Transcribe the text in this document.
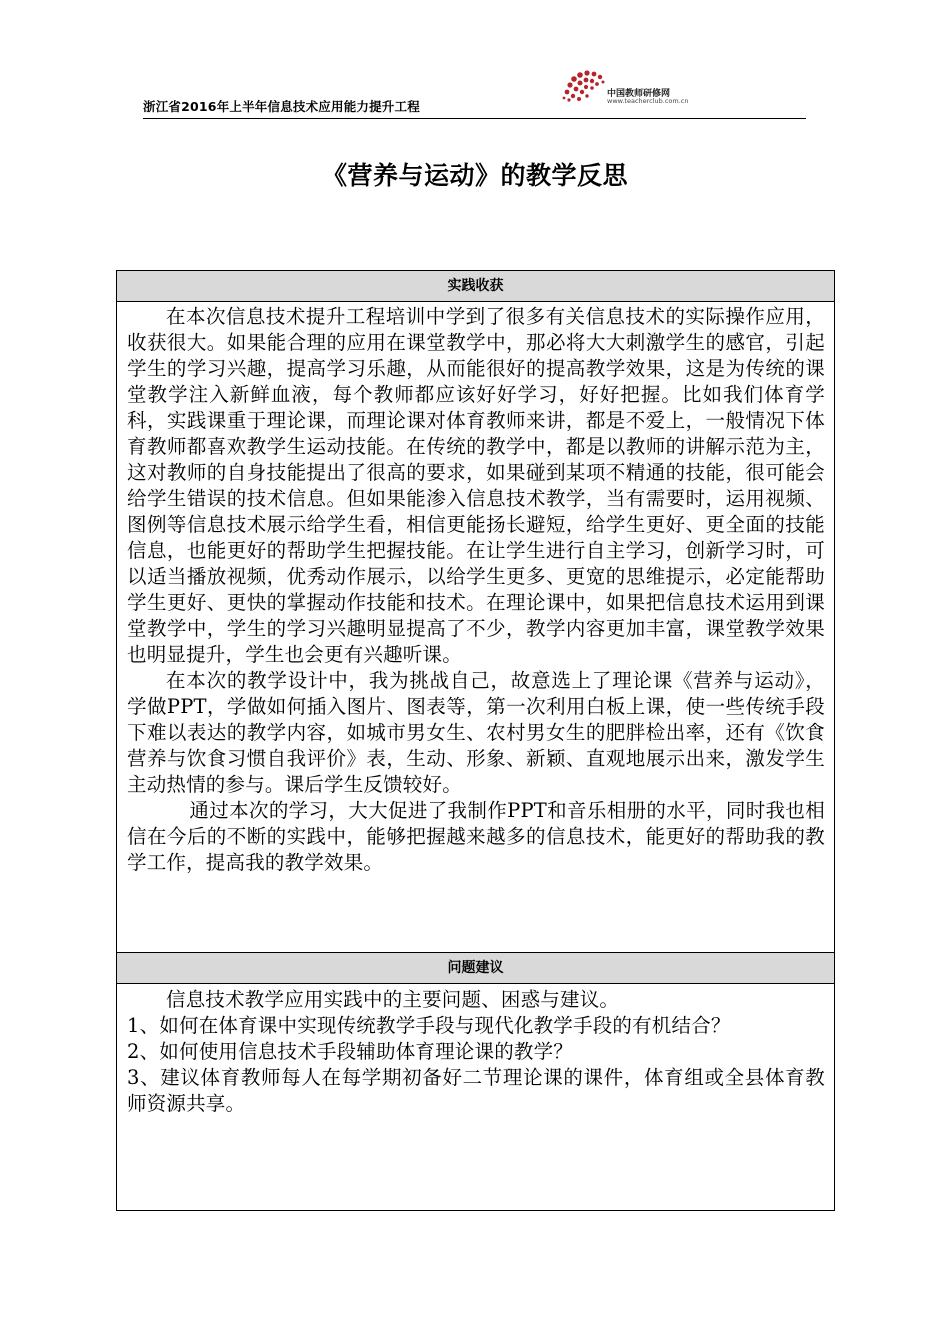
浙江省2016年上半年信息技术应用能力提升工程
中国教师研修网
www.teacherclub.com.cn
《营养与运动》的教学反思
实践收获

在本次信息技术提升工程培训中学到了很多有关信息技术的实际操作应用，收获很大。如果能合理的应用在课堂教学中，那必将大大刺激学生的感官，引起学生的学习兴趣，提高学习乐趣，从而能很好的提高教学效果，这是为传统的课堂教学注入新鲜血液，每个教师都应该好好学习，好好把握。比如我们体育学科，实践课重于理论课，而理论课对体育教师来讲，都是不爱上，一般情况下体育教师都喜欢教学生运动技能。在传统的教学中，都是以教师的讲解示范为主，这对教师的自身技能提出了很高的要求，如果碰到某项不精通的技能，很可能会给学生错误的技术信息。但如果能渗入信息技术教学，当有需要时，运用视频、图例等信息技术展示给学生看，相信更能扬长避短，给学生更好、更全面的技能信息，也能更好的帮助学生把握技能。在让学生进行自主学习，创新学习时，可以适当播放视频，优秀动作展示，以给学生更多、更宽的思维提示，必定能帮助学生更好、更快的掌握动作技能和技术。在理论课中，如果把信息技术运用到课堂教学中，学生的学习兴趣明显提高了不少，教学内容更加丰富，课堂教学效果也明显提升，学生也会更有兴趣听课。

在本次的教学设计中，我为挑战自己，故意选上了理论课《营养与运动》，学做PPT，学做如何插入图片、图表等，第一次利用白板上课，使一些传统手段下难以表达的教学内容，如城市男女生、农村男女生的肥胖检出率，还有《饮食营养与饮食习惯自我评价》表，生动、形象、新颖、直观地展示出来，激发学生主动热情的参与。课后学生反馈较好。

通过本次的学习，大大促进了我制作PPT和音乐相册的水平，同时我也相信在今后的不断的实践中，能够把握越来越多的信息技术，能更好的帮助我的教学工作，提高我的教学效果。

问题建议

信息技术教学应用实践中的主要问题、困惑与建议。

1、如何在体育课中实现传统教学手段与现代化教学手段的有机结合？

2、如何使用信息技术手段辅助体育理论课的教学？

3、建议体育教师每人在每学期初备好二节理论课的课件，体育组或全县体育教师资源共享。
